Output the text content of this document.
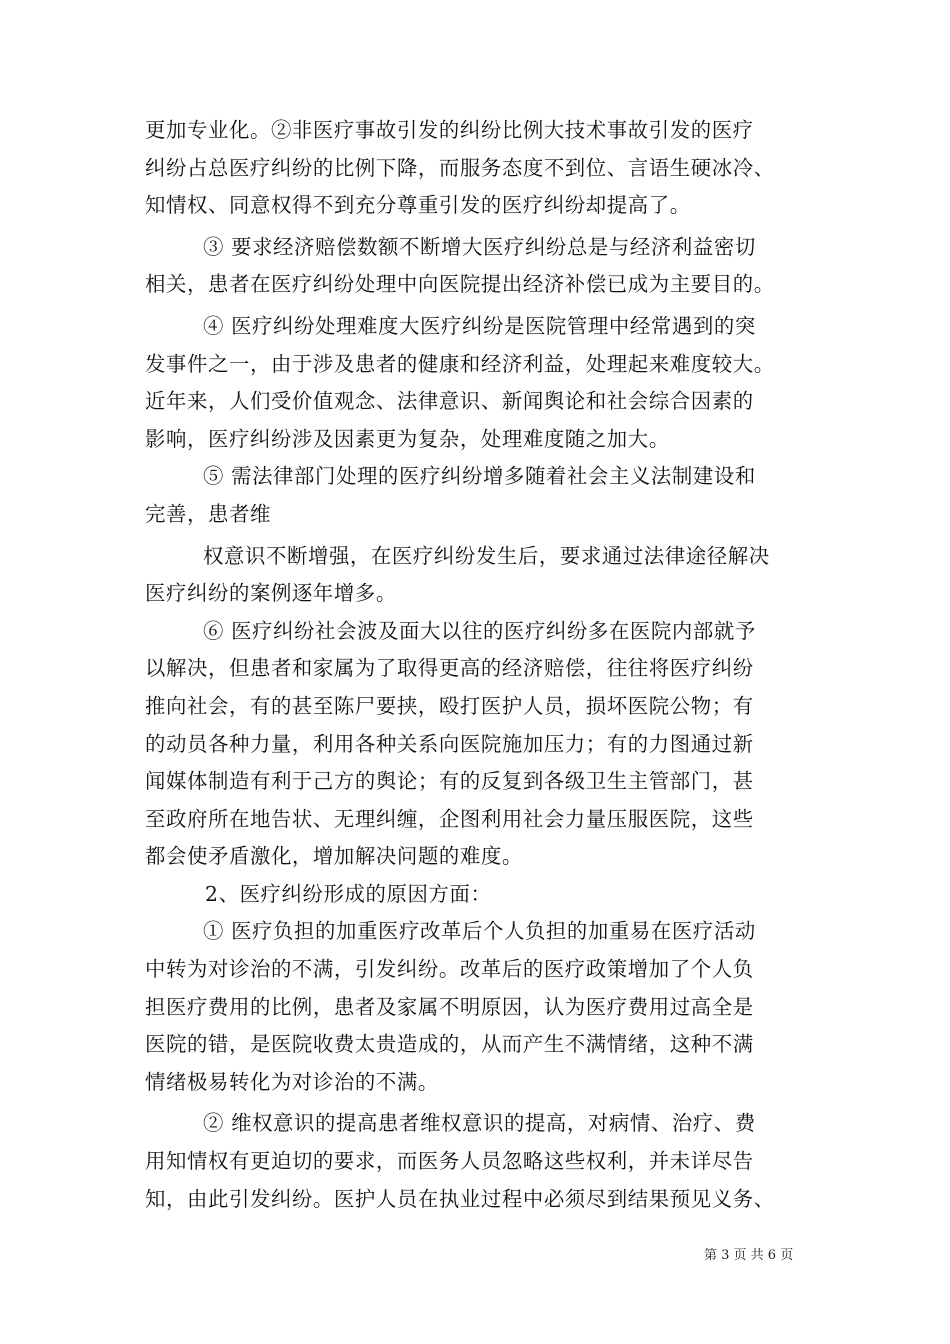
更加专业化。②非医疗事故引发的纠纷比例大技术事故引发的医疗
纠纷占总医疗纠纷的比例下降，而服务态度不到位、言语生硬冰冷、
知情权、同意权得不到充分尊重引发的医疗纠纷却提高了。
③ 要求经济赔偿数额不断增大医疗纠纷总是与经济利益密切
相关，患者在医疗纠纷处理中向医院提出经济补偿已成为主要目的。
④ 医疗纠纷处理难度大医疗纠纷是医院管理中经常遇到的突
发事件之一，由于涉及患者的健康和经济利益，处理起来难度较大。
近年来，人们受价值观念、法律意识、新闻舆论和社会综合因素的
影响，医疗纠纷涉及因素更为复杂，处理难度随之加大。
⑤ 需法律部门处理的医疗纠纷增多随着社会主义法制建设和
完善，患者维
权意识不断增强，在医疗纠纷发生后，要求通过法律途径解决
医疗纠纷的案例逐年增多。
⑥ 医疗纠纷社会波及面大以往的医疗纠纷多在医院内部就予
以解决，但患者和家属为了取得更高的经济赔偿，往往将医疗纠纷
推向社会，有的甚至陈尸要挟，殴打医护人员，损坏医院公物；有
的动员各种力量，利用各种关系向医院施加压力；有的力图通过新
闻媒体制造有利于己方的舆论；有的反复到各级卫生主管部门，甚
至政府所在地告状、无理纠缠，企图利用社会力量压服医院，这些
都会使矛盾激化，增加解决问题的难度。
2、医疗纠纷形成的原因方面：
① 医疗负担的加重医疗改革后个人负担的加重易在医疗活动
中转为对诊治的不满，引发纠纷。改革后的医疗政策增加了个人负
担医疗费用的比例，患者及家属不明原因，认为医疗费用过高全是
医院的错，是医院收费太贵造成的，从而产生不满情绪，这种不满
情绪极易转化为对诊治的不满。
② 维权意识的提高患者维权意识的提高，对病情、治疗、费
用知情权有更迫切的要求，而医务人员忽略这些权利，并未详尽告
知，由此引发纠纷。医护人员在执业过程中必须尽到结果预见义务、
第 3 页 共 6 页
